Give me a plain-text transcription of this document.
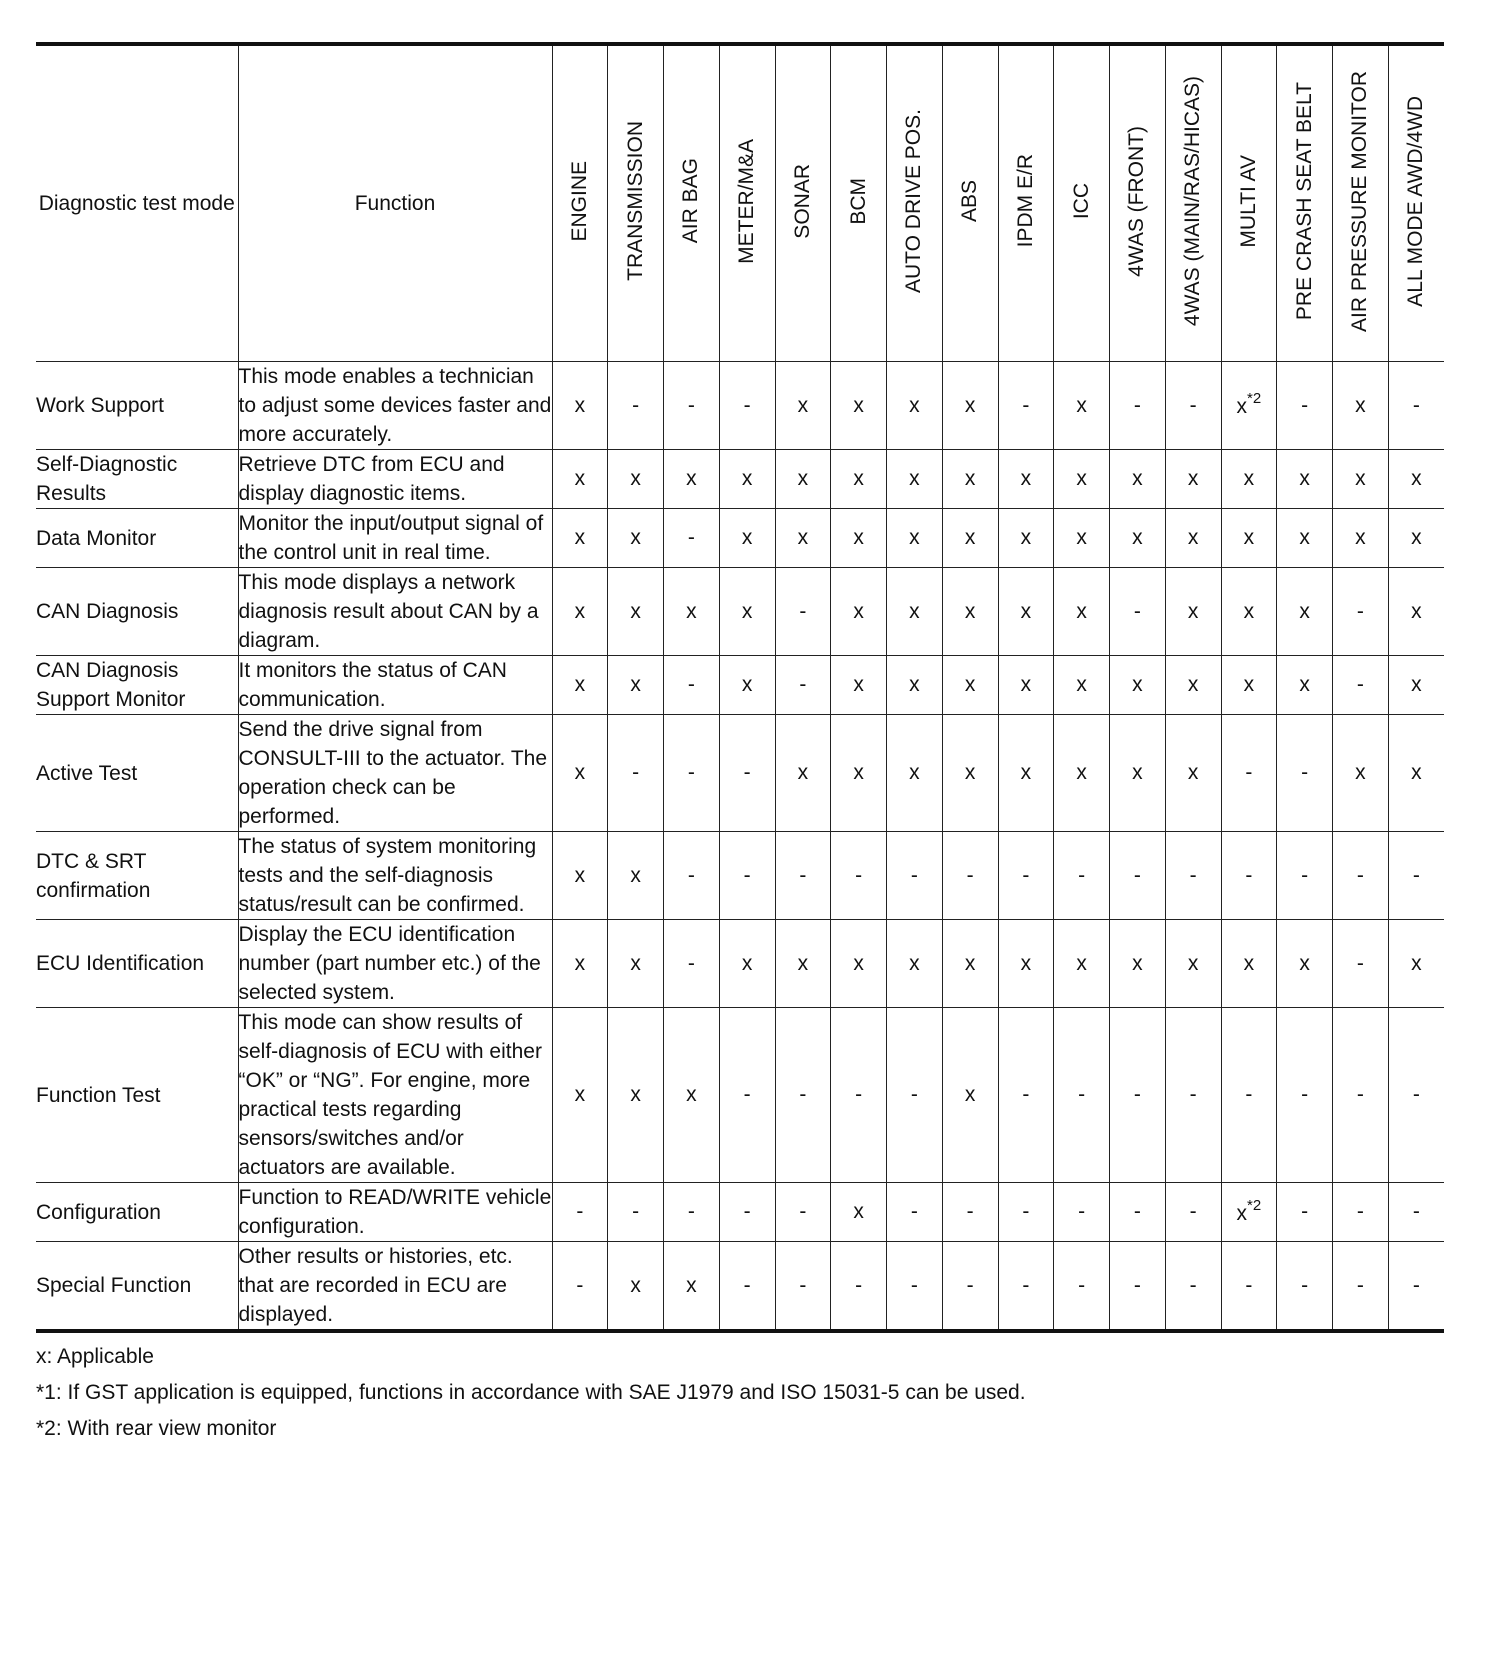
Diagnostic test mode	Function	ENGINE	TRANSMISSION	AIR BAG	METER/M&A	SONAR	BCM	AUTO DRIVE POS.	ABS	IPDM E/R	ICC	4WAS (FRONT)	4WAS (MAIN/RAS/HICAS)	MULTI AV	PRE CRASH SEAT BELT	AIR PRESSURE MONITOR	ALL MODE AWD/4WD
Work Support	This mode enables a technician to adjust some devices faster and more accurately.	x	-	-	-	x	x	x	x	-	x	-	-	$x^{*2}$	-	x	-
Self-Diagnostic Results	Retrieve DTC from ECU and display diagnostic items.	x	x	x	x	x	x	x	x	x	x	x	x	x	x	x	x
Data Monitor	Monitor the input/output signal of the control unit in real time.	x	x	-	x	x	x	x	x	x	x	x	x	x	x	x	x
CAN Diagnosis	This mode displays a network diagnosis result about CAN by a diagram.	x	x	x	x	-	x	x	x	x	x	-	x	x	x	-	x
CAN Diagnosis Support Monitor	It monitors the status of CAN communication.	x	x	-	x	-	x	x	x	x	x	x	x	x	x	-	x
Active Test	Send the drive signal from CONSULT-III to the actuator. The operation check can be performed.	x	-	-	-	x	x	x	x	x	x	x	x	-	-	x	x
DTC & SRT confirmation	The status of system monitoring tests and the self-diagnosis status/result can be confirmed.	x	x	-	-	-	-	-	-	-	-	-	-	-	-	-	-
ECU Identification	Display the ECU identification number (part number etc.) of the selected system.	x	x	-	x	x	x	x	x	x	x	x	x	x	x	-	x
Function Test	This mode can show results of self-diagnosis of ECU with either “OK” or “NG”. For engine, more practical tests regarding sensors/switches and/or actuators are available.	x	x	x	-	-	-	-	x	-	-	-	-	-	-	-	-
Configuration	Function to READ/WRITE vehicle configuration.	-	-	-	-	-	x	-	-	-	-	-	-	$x^{*2}$	-	-	-
Special Function	Other results or histories, etc. that are recorded in ECU are displayed.	-	x	x	-	-	-	-	-	-	-	-	-	-	-	-	-
x: Applicable
*1: If GST application is equipped, functions in accordance with SAE J1979 and ISO 15031-5 can be used.
*2: With rear view monitor
